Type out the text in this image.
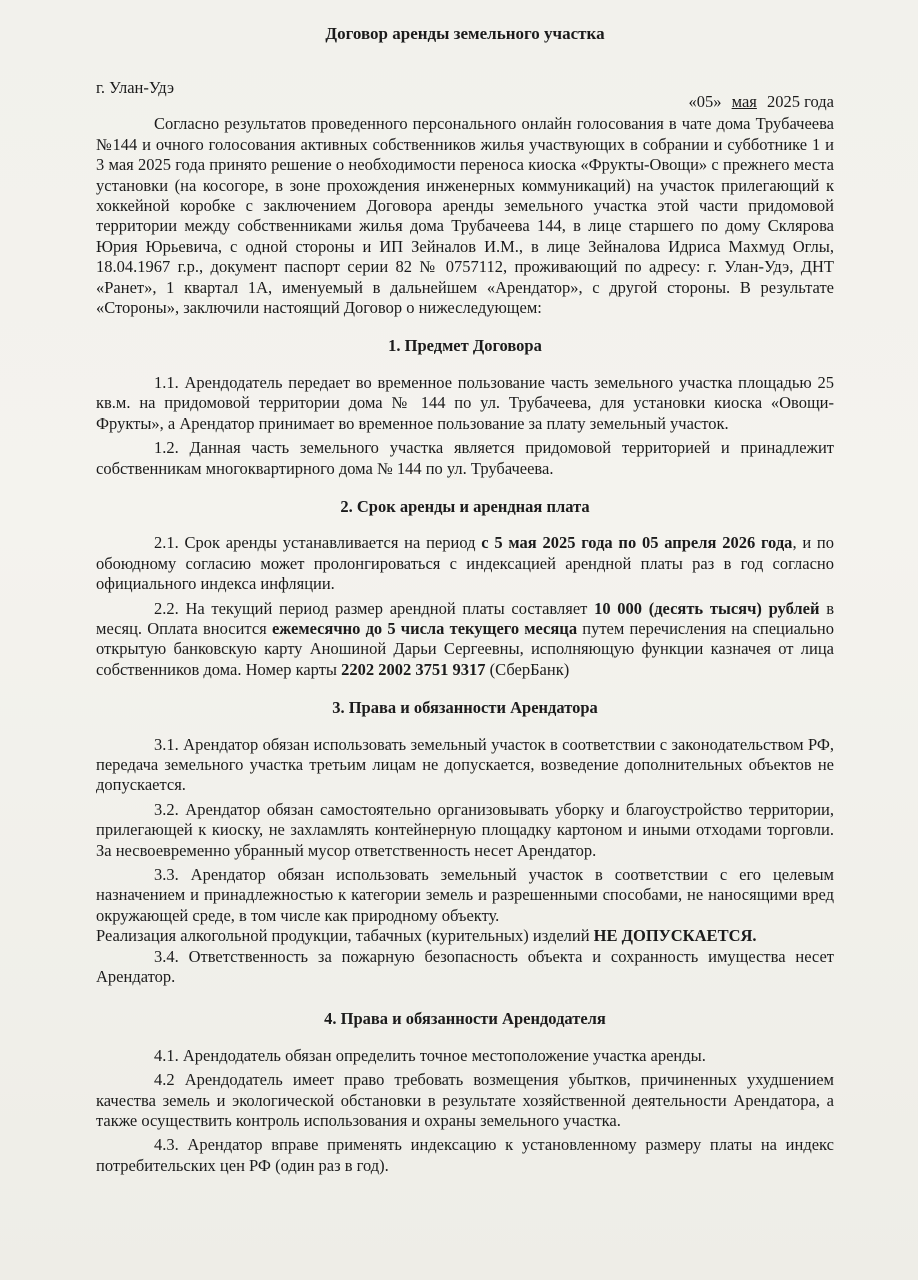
Договор аренды земельного участка
г. Улан-Удэ
«05» мая 2025 года

Согласно результатов проведенного персонального онлайн голосования в чате дома Трубачеева №144 и очного голосования активных собственников жилья участвующих в собрании и субботнике 1 и 3 мая 2025 года принято решение о необходимости переноса киоска «Фрукты-Овощи» с прежнего места установки (на косогоре, в зоне прохождения инженерных коммуникаций) на участок прилегающий к хоккейной коробке с заключением Договора аренды земельного участка этой части придомовой территории между собственниками жилья дома Трубачеева 144, в лице старшего по дому Склярова Юрия Юрьевича, с одной стороны и ИП Зейналов И.М., в лице Зейналова Идриса Махмуд Оглы, 18.04.1967 г.р., документ паспорт серии 82 № 0757112, проживающий по адресу: г. Улан-Удэ, ДНТ «Ранет», 1 квартал 1А, именуемый в дальнейшем «Арендатор», с другой стороны. В результате «Стороны», заключили настоящий Договор о нижеследующем:

1. Предмет Договора

1.1. Арендодатель передает во временное пользование часть земельного участка площадью 25 кв.м. на придомовой территории дома № 144 по ул. Трубачеева, для установки киоска «Овощи-Фрукты», а Арендатор принимает во временное пользование за плату земельный участок.

1.2. Данная часть земельного участка является придомовой территорией и принадлежит собственникам многоквартирного дома № 144 по ул. Трубачеева.

2. Срок аренды и арендная плата

2.1. Срок аренды устанавливается на период с 5 мая 2025 года по 05 апреля 2026 года, и по обоюдному согласию может пролонгироваться с индексацией арендной платы раз в год согласно официального индекса инфляции.

2.2. На текущий период размер арендной платы составляет 10 000 (десять тысяч) рублей в месяц. Оплата вносится ежемесячно до 5 числа текущего месяца путем перечисления на специально открытую банковскую карту Аношиной Дарьи Сергеевны, исполняющую функции казначея от лица собственников дома. Номер карты 2202 2002 3751 9317 (СберБанк)

3. Права и обязанности Арендатора

3.1. Арендатор обязан использовать земельный участок в соответствии с законодательством РФ, передача земельного участка третьим лицам не допускается, возведение дополнительных объектов не допускается.

3.2. Арендатор обязан самостоятельно организовывать уборку и благоустройство территории, прилегающей к киоску, не захламлять контейнерную площадку картоном и иными отходами торговли. За несвоевременно убранный мусор ответственность несет Арендатор.

3.3. Арендатор обязан использовать земельный участок в соответствии с его целевым назначением и принадлежностью к категории земель и разрешенными способами, не наносящими вред окружающей среде, в том числе как природному объекту.

Реализация алкогольной продукции, табачных (курительных) изделий НЕ ДОПУСКАЕТСЯ.

3.4. Ответственность за пожарную безопасность объекта и сохранность имущества несет Арендатор.

4. Права и обязанности Арендодателя

4.1. Арендодатель обязан определить точное местоположение участка аренды.

4.2 Арендодатель имеет право требовать возмещения убытков, причиненных ухудшением качества земель и экологической обстановки в результате хозяйственной деятельности Арендатора, а также осуществить контроль использования и охраны земельного участка.

4.3. Арендатор вправе применять индексацию к установленному размеру платы на индекс потребительских цен РФ (один раз в год).
